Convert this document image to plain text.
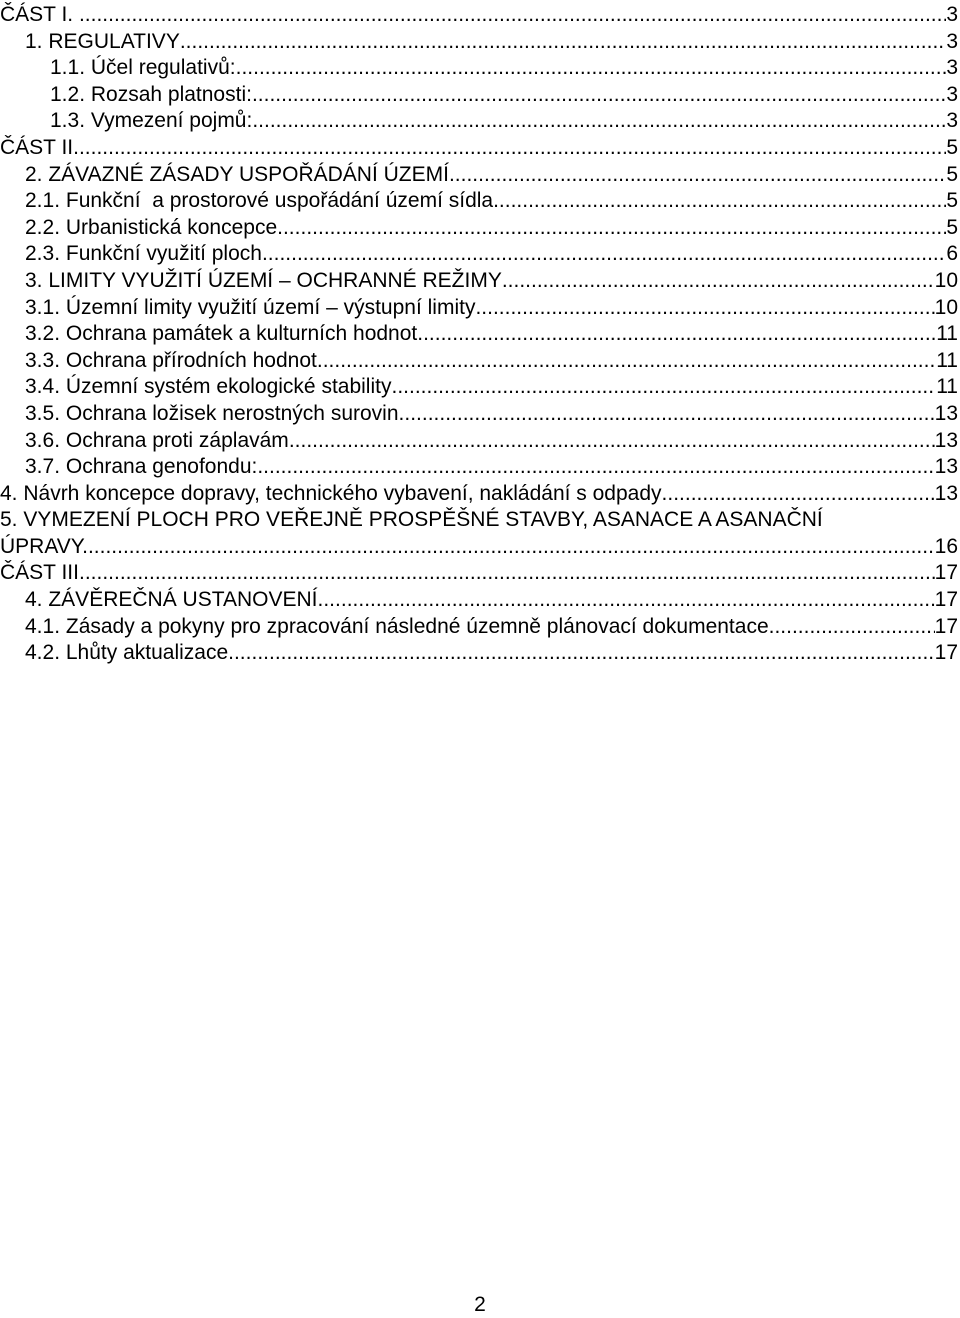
ČÁST I. .....	3
1. REGULATIVY .....	3
1.1. Účel regulativů: .....	3
1.2. Rozsah platnosti: .....	3
1.3. Vymezení pojmů: .....	3
ČÁST II. .....	5
2. ZÁVAZNÉ ZÁSADY USPOŘÁDÁNÍ ÚZEMÍ .....	5
2.1. Funkční  a prostorové uspořádání území sídla .....	5
2.2. Urbanistická koncepce .....	5
2.3. Funkční využití ploch .....	6
3. LIMITY VYUŽITÍ ÚZEMÍ – OCHRANNÉ REŽIMY .....	10
3.1. Územní limity využití území – výstupní limity .....	10
3.2. Ochrana památek a kulturních hodnot .....	11
3.3. Ochrana přírodních hodnot .....	11
3.4. Územní systém ekologické stability .....	11
3.5. Ochrana ložisek nerostných surovin .....	13
3.6. Ochrana proti záplavám .....	13
3.7. Ochrana genofondu: .....	13
4. Návrh koncepce dopravy, technického vybavení, nakládání s odpady .....	13
5. VYMEZENÍ PLOCH PRO VEŘEJNĚ PROSPĚŠNÉ STAVBY, ASANACE A ASANAČNÍ
ÚPRAVY. .....	16
ČÁST III. .....	17
4. ZÁVĚREČNÁ USTANOVENÍ .....	17
4.1. Zásady a pokyny pro zpracování následné územně plánovací dokumentace .....	17
4.2. Lhůty aktualizace .....	17
2
